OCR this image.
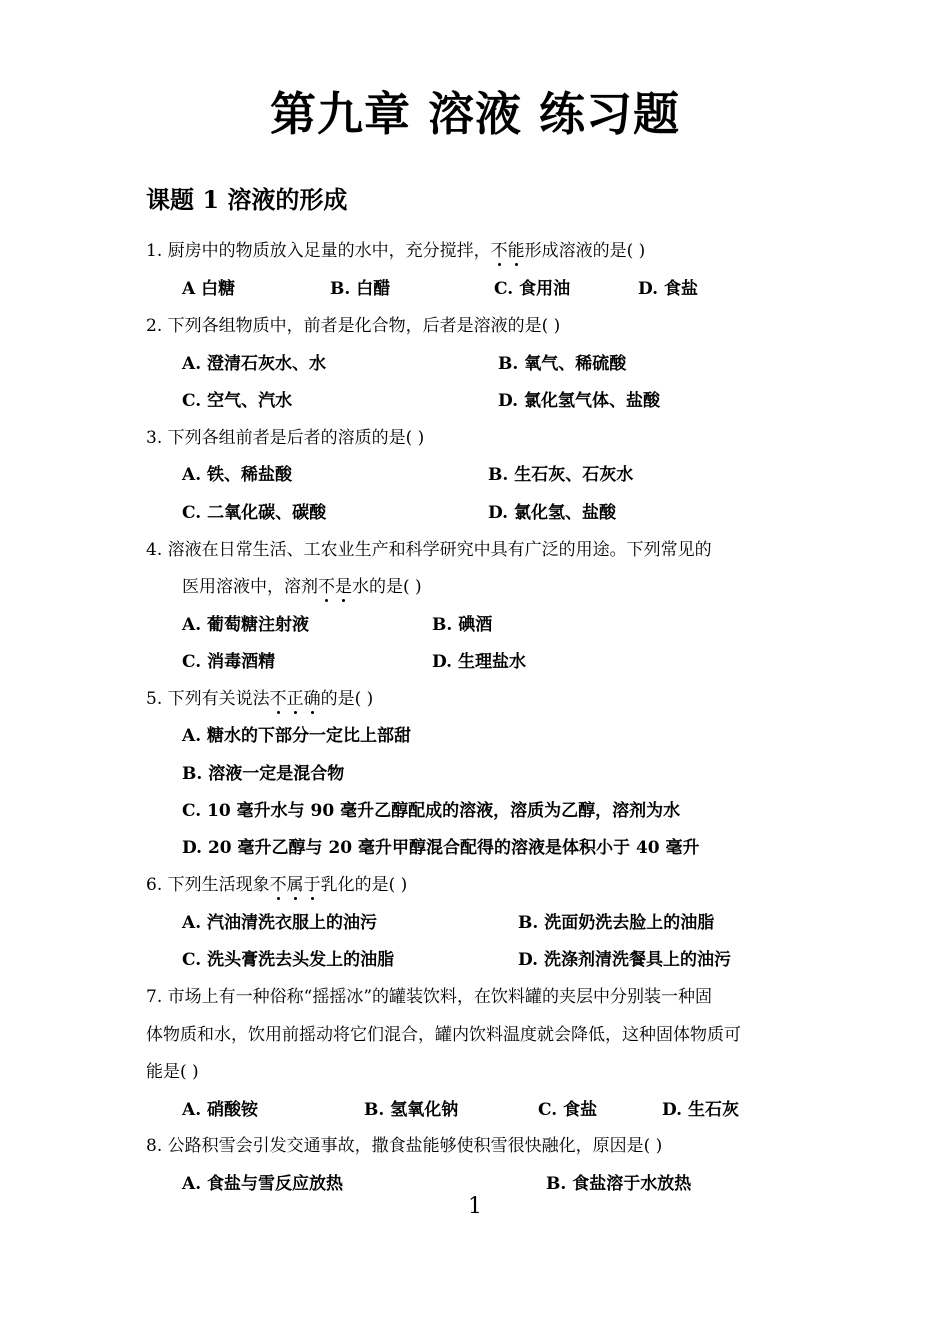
第九章 溶液 练习题
课题 1 溶液的形成
1. 厨房中的物质放入足量的水中，充分搅拌，不能形成溶液的是( )
A 白糖	B. 白醋	C. 食用油	D. 食盐
2. 下列各组物质中，前者是化合物，后者是溶液的是( )
A. 澄清石灰水、水	B. 氧气、稀硫酸
C. 空气、汽水	D. 氯化氢气体、盐酸
3. 下列各组前者是后者的溶质的是( )
A. 铁、稀盐酸	B. 生石灰、石灰水
C. 二氧化碳、碳酸	D. 氯化氢、盐酸
4. 溶液在日常生活、工农业生产和科学研究中具有广泛的用途。下列常见的
医用溶液中，溶剂不是水的是( )
A. 葡萄糖注射液	B. 碘酒
C. 消毒酒精	D. 生理盐水
5. 下列有关说法不正确的是( )
A. 糖水的下部分一定比上部甜
B. 溶液一定是混合物
C. 10 毫升水与 90 毫升乙醇配成的溶液，溶质为乙醇，溶剂为水
D. 20 毫升乙醇与 20 毫升甲醇混合配得的溶液是体积小于 40 毫升
6. 下列生活现象不属于乳化的是( )
A. 汽油清洗衣服上的油污	B. 洗面奶洗去脸上的油脂
C. 洗头膏洗去头发上的油脂	D. 洗涤剂清洗餐具上的油污
7. 市场上有一种俗称“摇摇冰”的罐装饮料，在饮料罐的夹层中分别装一种固
体物质和水，饮用前摇动将它们混合，罐内饮料温度就会降低，这种固体物质可
能是( )
A. 硝酸铵	B. 氢氧化钠	C. 食盐	D. 生石灰
8. 公路积雪会引发交通事故，撒食盐能够使积雪很快融化，原因是( )
A. 食盐与雪反应放热	B. 食盐溶于水放热
1
